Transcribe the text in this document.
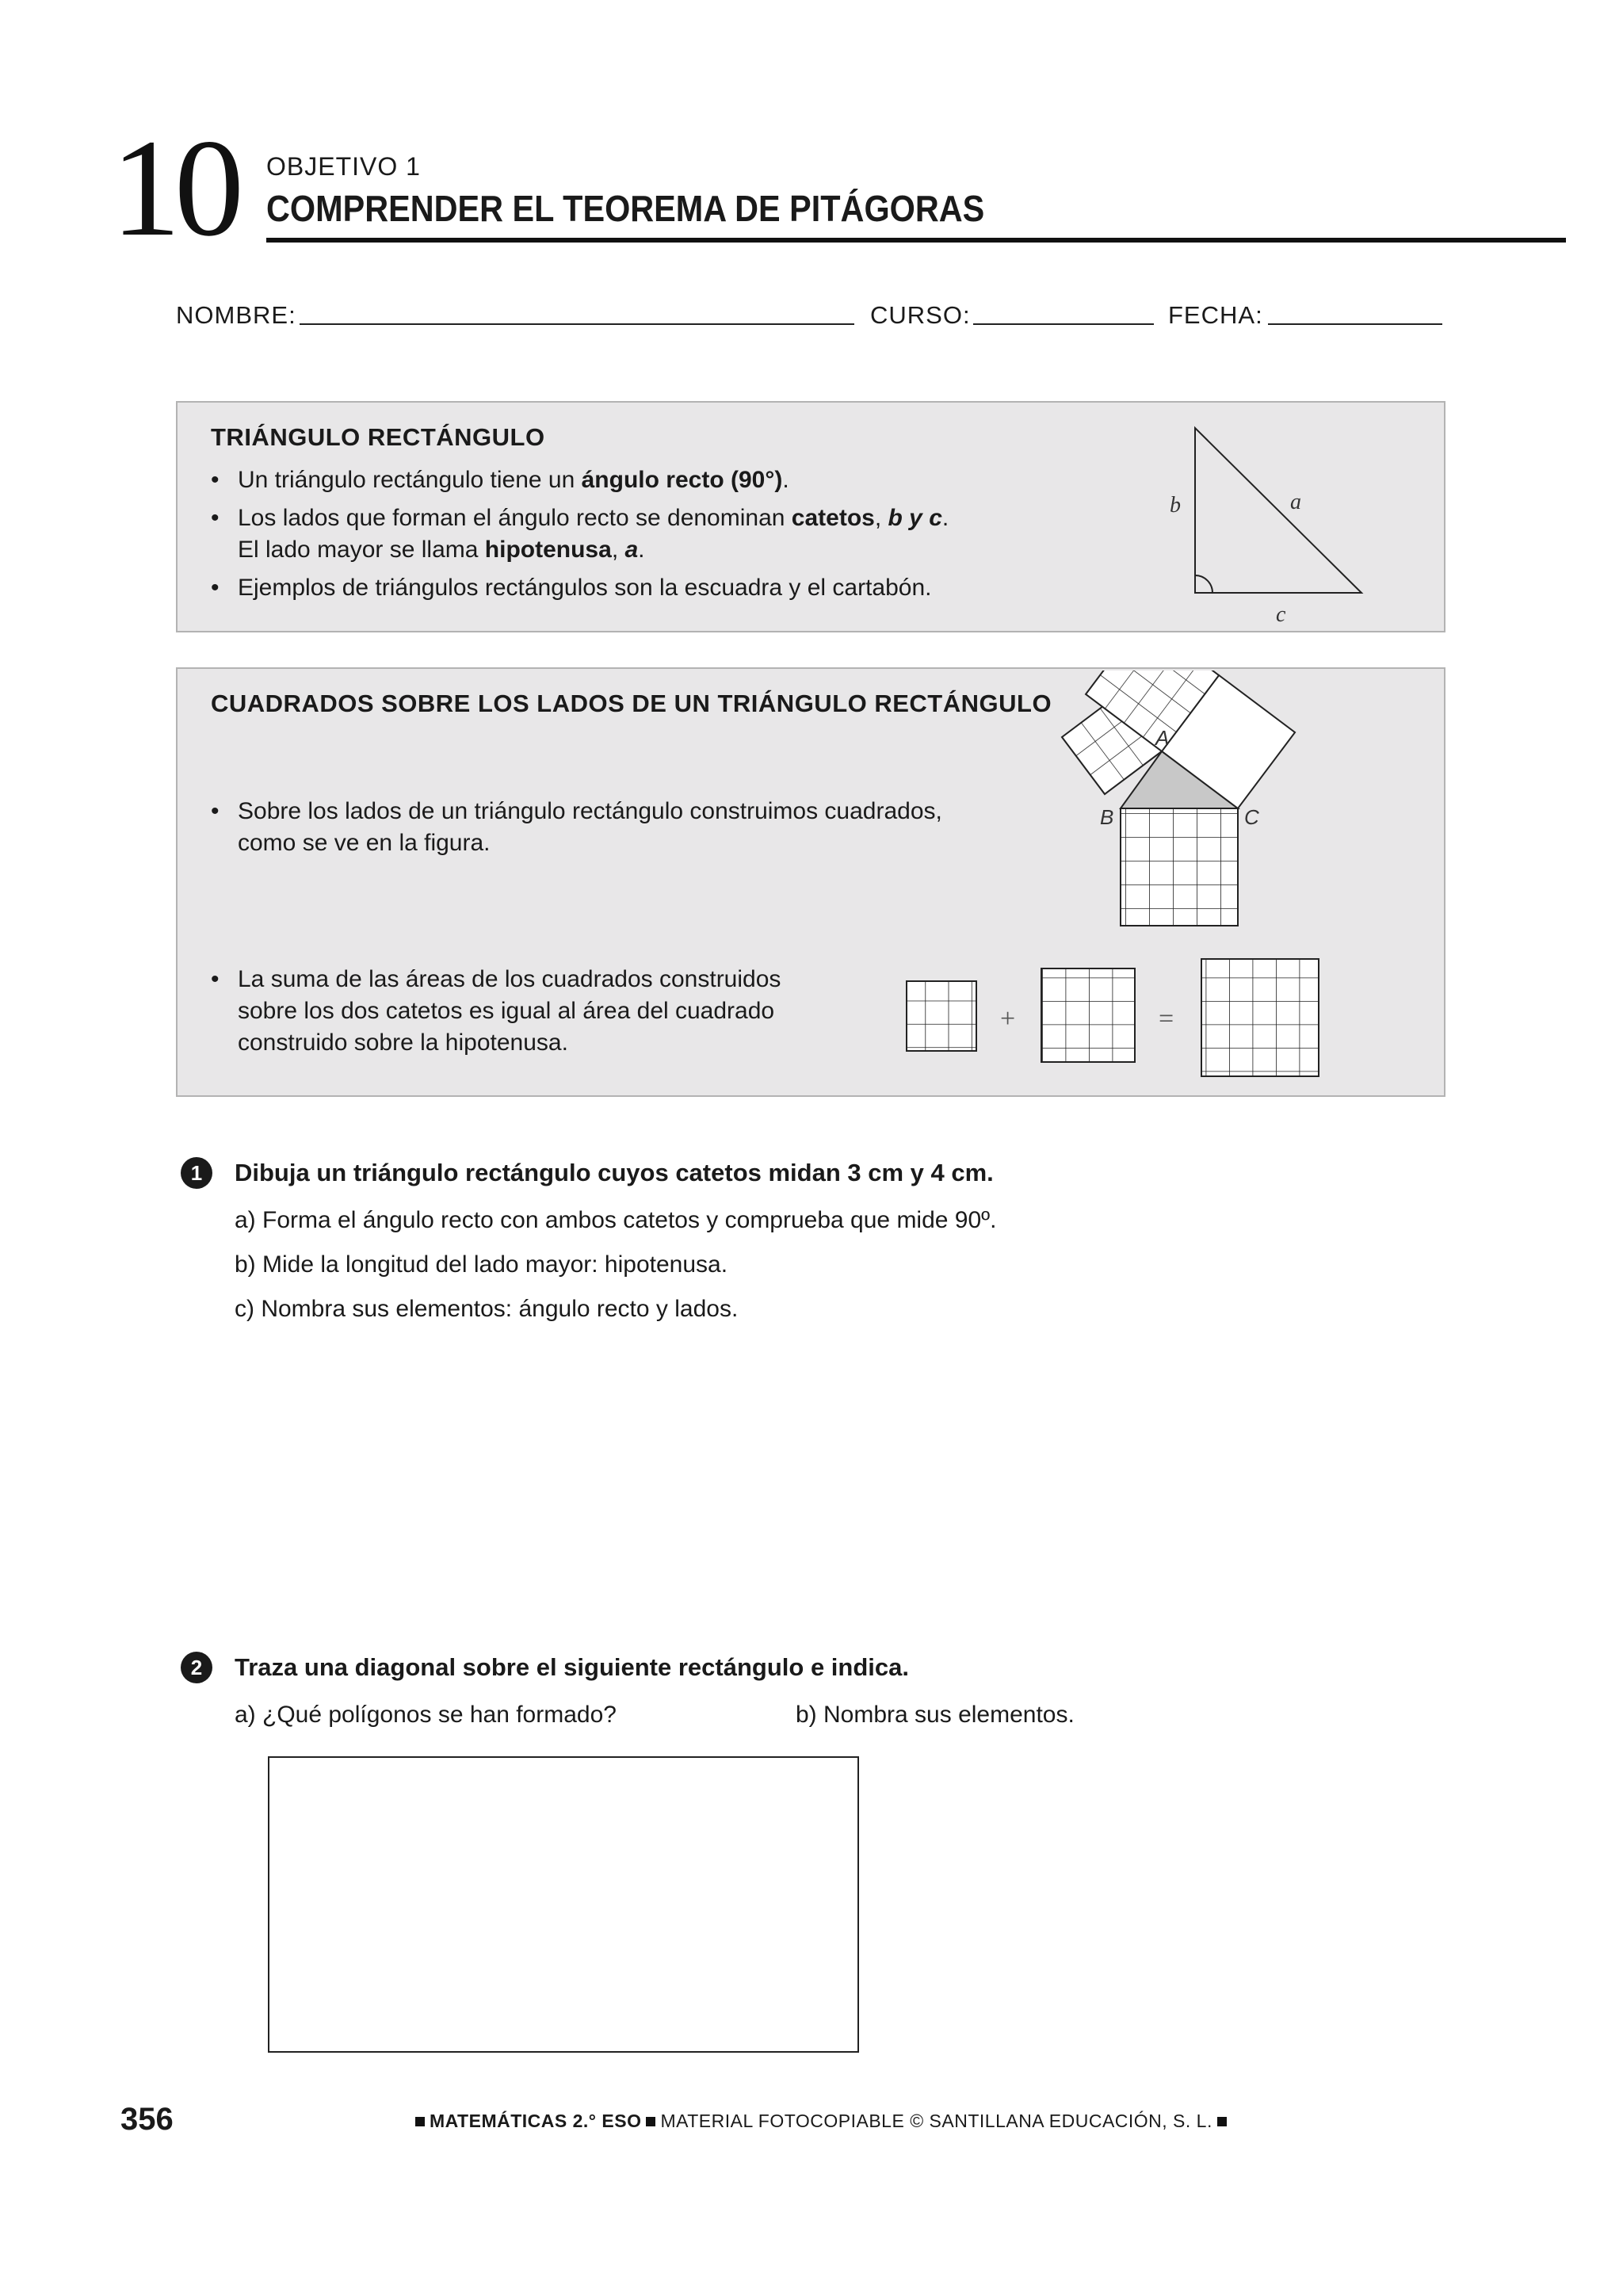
10 OBJETIVO 1
COMPRENDER EL TEOREMA DE PITÁGORAS
NOMBRE:	CURSO:	FECHA:
TRIÁNGULO RECTÁNGULO
• Un triángulo rectángulo tiene un ángulo recto (90°).
• Los lados que forman el ángulo recto se denominan catetos, b y c.
El lado mayor se llama hipotenusa, a.
• Ejemplos de triángulos rectángulos son la escuadra y el cartabón.
b	a
c
CUADRADOS SOBRE LOS LADOS DE UN TRIÁNGULO RECTÁNGULO
• Sobre los lados de un triángulo rectángulo construimos cuadrados,
como se ve en la figura.
• La suma de las áreas de los cuadrados construidos
sobre los dos catetos es igual al área del cuadrado
construido sobre la hipotenusa.
A
B	C
+	=
1	Dibuja un triángulo rectángulo cuyos catetos midan 3 cm y 4 cm.
a) Forma el ángulo recto con ambos catetos y comprueba que mide 90º.
b) Mide la longitud del lado mayor: hipotenusa.
c) Nombra sus elementos: ángulo recto y lados.
2	Traza una diagonal sobre el siguiente rectángulo e indica.
a) ¿Qué polígonos se han formado?	b) Nombra sus elementos.
356	MATEMÁTICAS 2.° ESO MATERIAL FOTOCOPIABLE © SANTILLANA EDUCACIÓN, S. L.
